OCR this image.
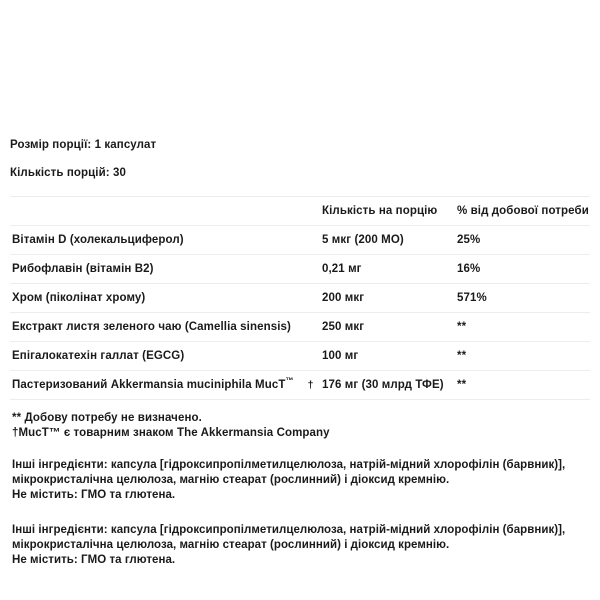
Розмір порції: 1 капсулат

Кількість порцій: 30

	Кількість на порцію	% від добової потреби
Вітамін D (холекальциферол)	5 мкг (200 МО)	25%
Рибофлавін (вітамін B2)	0,21 мг	16%
Хром (піколінат хрому)	200 мкг	571%
Екстракт листя зеленого чаю (Camellia sinensis)	250 мкг	**
Епігалокатехін галлат (EGCG)	100 мг	**
Пастеризований Akkermansia muciniphila MucT™ †	176 мг (30 млрд ТФЕ)	**

** Добову потребу не визначено.

†MucT™ є товарним знаком The Akkermansia Company

Інші інгредієнти: капсула [гідроксипропілметилцелюлоза, натрій-мідний хлорофілін (барвник)], мікрокристалічна целюлоза, магнію стеарат (рослинний) і діоксид кремнію.

Не містить: ГМО та глютена.

Інші інгредієнти: капсула [гідроксипропілметилцелюлоза, натрій-мідний хлорофілін (барвник)], мікрокристалічна целюлоза, магнію стеарат (рослинний) і діоксид кремнію.

Не містить: ГМО та глютена.
